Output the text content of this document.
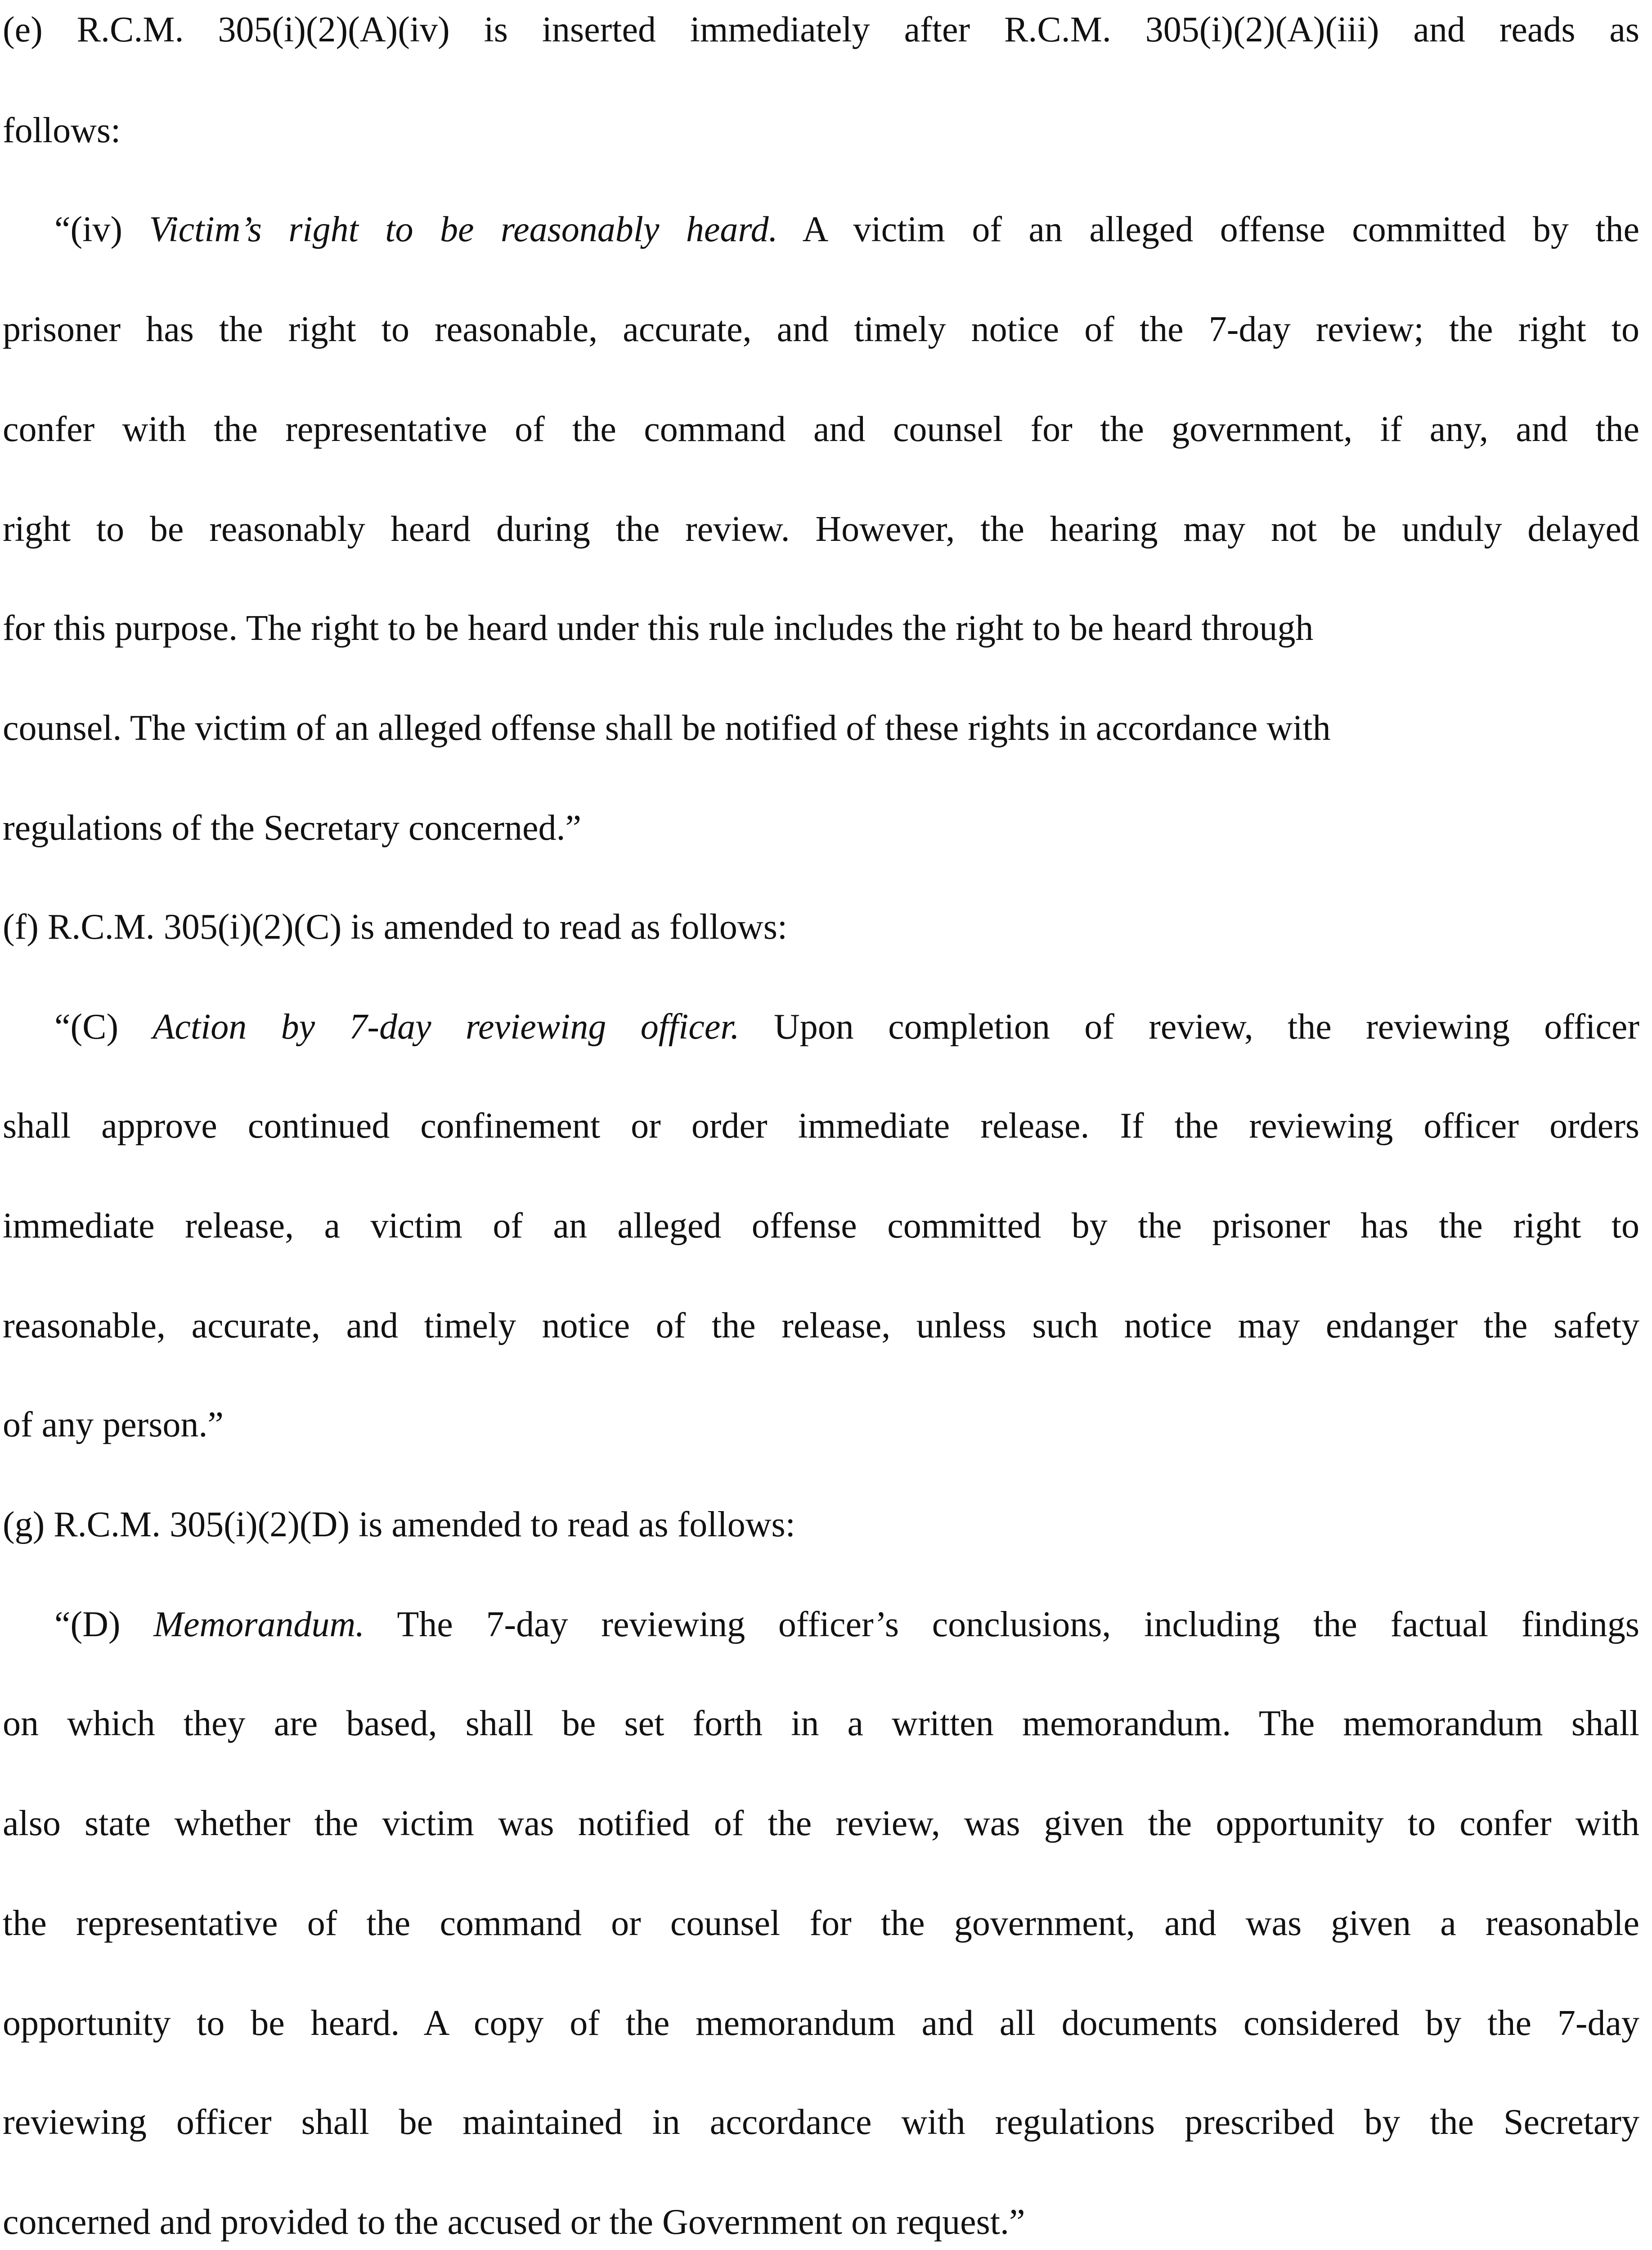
(e) R.C.M. 305(i)(2)(A)(iv) is inserted immediately after R.C.M. 305(i)(2)(A)(iii) and reads as
follows:
“(iv) Victim’s right to be reasonably heard. A victim of an alleged offense committed by the
prisoner has the right to reasonable, accurate, and timely notice of the 7-day review; the right to
confer with the representative of the command and counsel for the government, if any, and the
right to be reasonably heard during the review. However, the hearing may not be unduly delayed
for this purpose. The right to be heard under this rule includes the right to be heard through
counsel. The victim of an alleged offense shall be notified of these rights in accordance with
regulations of the Secretary concerned.”
(f) R.C.M. 305(i)(2)(C) is amended to read as follows:
“(C) Action by 7-day reviewing officer. Upon completion of review, the reviewing officer
shall approve continued confinement or order immediate release. If the reviewing officer orders
immediate release, a victim of an alleged offense committed by the prisoner has the right to
reasonable, accurate, and timely notice of the release, unless such notice may endanger the safety
of any person.”
(g) R.C.M. 305(i)(2)(D) is amended to read as follows:
“(D) Memorandum. The 7-day reviewing officer’s conclusions, including the factual findings
on which they are based, shall be set forth in a written memorandum. The memorandum shall
also state whether the victim was notified of the review, was given the opportunity to confer with
the representative of the command or counsel for the government, and was given a reasonable
opportunity to be heard. A copy of the memorandum and all documents considered by the 7-day
reviewing officer shall be maintained in accordance with regulations prescribed by the Secretary
concerned and provided to the accused or the Government on request.”
